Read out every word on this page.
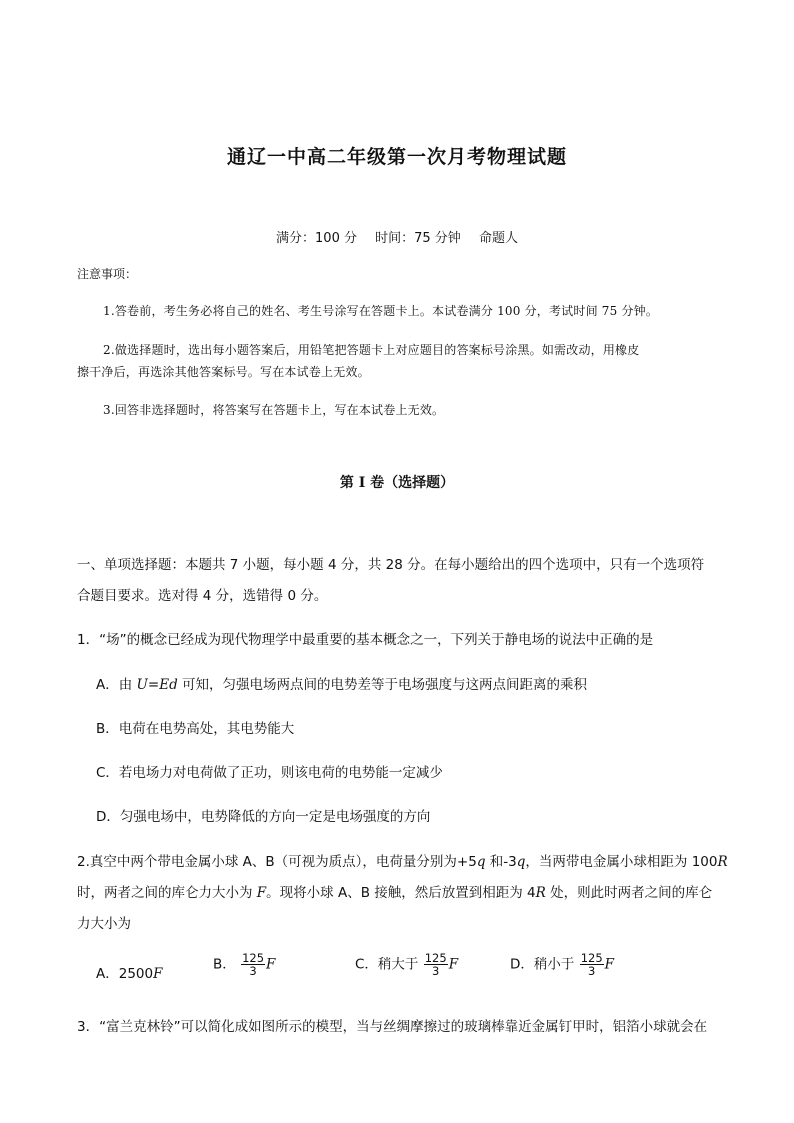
通辽一中高二年级第一次月考物理试题
满分：100 分 时间：75 分钟 命题人
注意事项：
1.答卷前，考生务必将自己的姓名、考生号涂写在答题卡上。本试卷满分 100 分，考试时间 75 分钟。
2.做选择题时，选出每小题答案后，用铅笔把答题卡上对应题目的答案标号涂黑。如需改动，用橡皮
擦干净后，再选涂其他答案标号。写在本试卷上无效。
3.回答非选择题时，将答案写在答题卡上，写在本试卷上无效。
第 I 卷（选择题）
一、单项选择题：本题共 7 小题，每小题 4 分，共 28 分。在每小题给出的四个选项中，只有一个选项符
合题目要求。选对得 4 分，选错得 0 分。
1．“场”的概念已经成为现代物理学中最重要的基本概念之一，下列关于静电场的说法中正确的是
A．由 U=Ed 可知，匀强电场两点间的电势差等于电场强度与这两点间距离的乘积
B．电荷在电势高处，其电势能大
C．若电场力对电荷做了正功，则该电荷的电势能一定减少
D．匀强电场中，电势降低的方向一定是电场强度的方向
2.真空中两个带电金属小球 A、B（可视为质点），电荷量分别为+5q 和-3q，当两带电金属小球相距为 100R
时，两者之间的库仑力大小为 F。现将小球 A、B 接触，然后放置到相距为 4R 处，则此时两者之间的库仑
力大小为
A．2500F
B． $\frac{125}{3}$ F	C．稍大于 $\frac{125}{3}$ F	D．稍小于 $\frac{125}{3}$ F
3．“富兰克林铃”可以简化成如图所示的模型，当与丝绸摩擦过的玻璃棒靠近金属钉甲时，铝箔小球就会在
